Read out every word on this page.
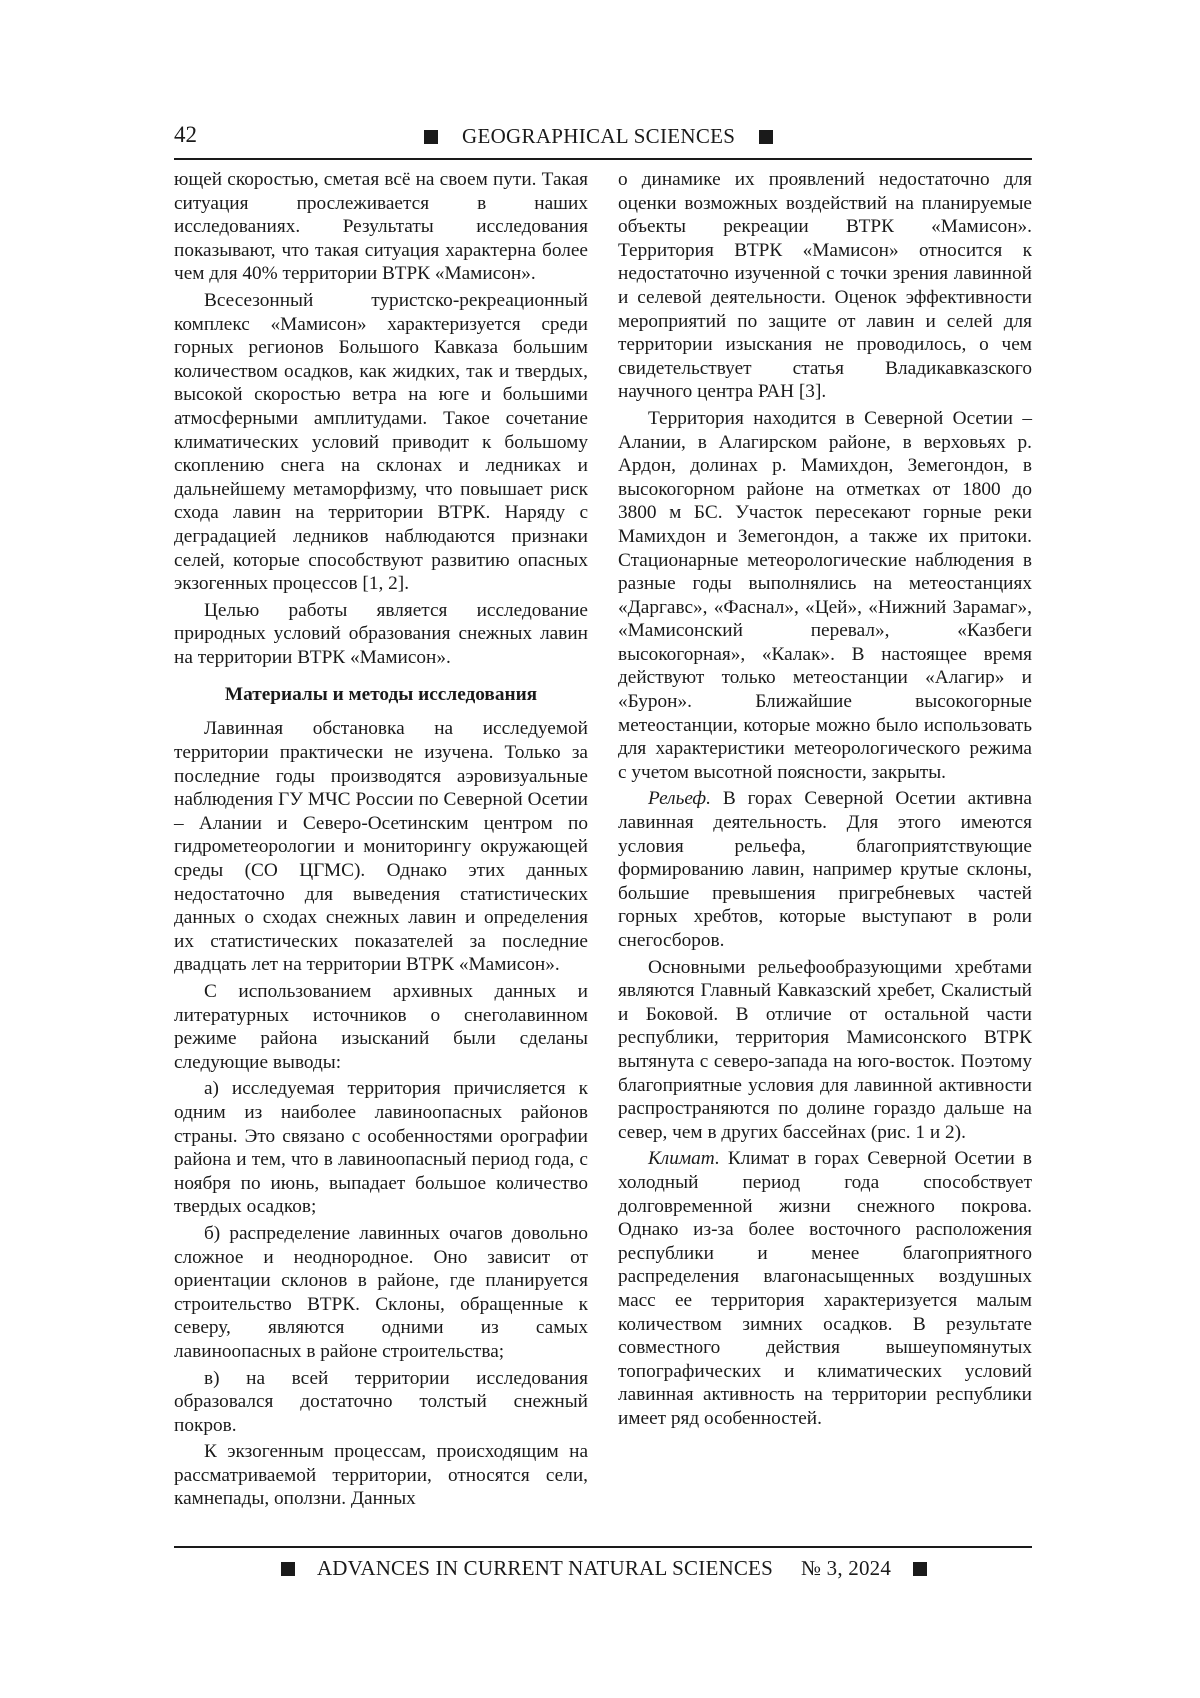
42	GEOGRAPHICAL SCIENCES

ющей скоростью, сметая всё на своем пути. Такая ситуация прослеживается в наших исследованиях. Результаты исследования показывают, что такая ситуация характерна более чем для 40% территории ВТРК «Мамисон».

Всесезонный туристско-рекреационный комплекс «Мамисон» характеризуется среди горных регионов Большого Кавказа большим количеством осадков, как жидких, так и твердых, высокой скоростью ветра на юге и большими атмосферными амплитудами. Такое сочетание климатических условий приводит к большому скоплению снега на склонах и ледниках и дальнейшему метаморфизму, что повышает риск схода лавин на территории ВТРК. Наряду с деградацией ледников наблюдаются признаки селей, которые способствуют развитию опасных экзогенных процессов [1, 2].

Целью работы является исследование природных условий образования снежных лавин на территории ВТРК «Мамисон».

Материалы и методы исследования

Лавинная обстановка на исследуемой территории практически не изучена. Только за последние годы производятся аэровизуальные наблюдения ГУ МЧС России по Северной Осетии – Алании и Северо-Осетинским центром по гидрометеорологии и мониторингу окружающей среды (СО ЦГМС). Однако этих данных недостаточно для выведения статистических данных о сходах снежных лавин и определения их статистических показателей за последние двадцать лет на территории ВТРК «Мамисон».

С использованием архивных данных и литературных источников о снеголавинном режиме района изысканий были сделаны следующие выводы:

а) исследуемая территория причисляется к одним из наиболее лавиноопасных районов страны. Это связано с особенностями орографии района и тем, что в лавиноопасный период года, с ноября по июнь, выпадает большое количество твердых осадков;

б) распределение лавинных очагов довольно сложное и неоднородное. Оно зависит от ориентации склонов в районе, где планируется строительство ВТРК. Склоны, обращенные к северу, являются одними из самых лавиноопасных в районе строительства;

в) на всей территории исследования образовался достаточно толстый снежный покров.

К экзогенным процессам, происходящим на рассматриваемой территории, относятся сели, камнепады, оползни. Данных

о динамике их проявлений недостаточно для оценки возможных воздействий на планируемые объекты рекреации ВТРК «Мамисон». Территория ВТРК «Мамисон» относится к недостаточно изученной с точки зрения лавинной и селевой деятельности. Оценок эффективности мероприятий по защите от лавин и селей для территории изыскания не проводилось, о чем свидетельствует статья Владикавказского научного центра РАН [3].

Территория находится в Северной Осетии – Алании, в Алагирском районе, в верховьях р. Ардон, долинах р. Мамихдон, Земегондон, в высокогорном районе на отметках от 1800 до 3800 м БС. Участок пересекают горные реки Мамихдон и Земегондон, а также их притоки. Стационарные метеорологические наблюдения в разные годы выполнялись на метеостанциях «Даргавс», «Фаснал», «Цей», «Нижний Зарамаг», «Мамисонский перевал», «Казбеги высокогорная», «Калак». В настоящее время действуют только метеостанции «Алагир» и «Бурон». Ближайшие высокогорные метеостанции, которые можно было использовать для характеристики метеорологического режима с учетом высотной поясности, закрыты.

Рельеф. В горах Северной Осетии активна лавинная деятельность. Для этого имеются условия рельефа, благоприятствующие формированию лавин, например крутые склоны, большие превышения пригребневых частей горных хребтов, которые выступают в роли снегосборов.

Основными рельефообразующими хребтами являются Главный Кавказский хребет, Скалистый и Боковой. В отличие от остальной части республики, территория Мамисонского ВТРК вытянута с северо-запада на юго-восток. Поэтому благоприятные условия для лавинной активности распространяются по долине гораздо дальше на север, чем в других бассейнах (рис. 1 и 2).

Климат. Климат в горах Северной Осетии в холодный период года способствует долговременной жизни снежного покрова. Однако из-за более восточного расположения республики и менее благоприятного распределения влагонасыщенных воздушных масс ее территория характеризуется малым количеством зимних осадков. В результате совместного действия вышеупомянутых топографических и климатических условий лавинная активность на территории республики имеет ряд особенностей.

ADVANCES IN CURRENT NATURAL SCIENCES № 3, 2024
